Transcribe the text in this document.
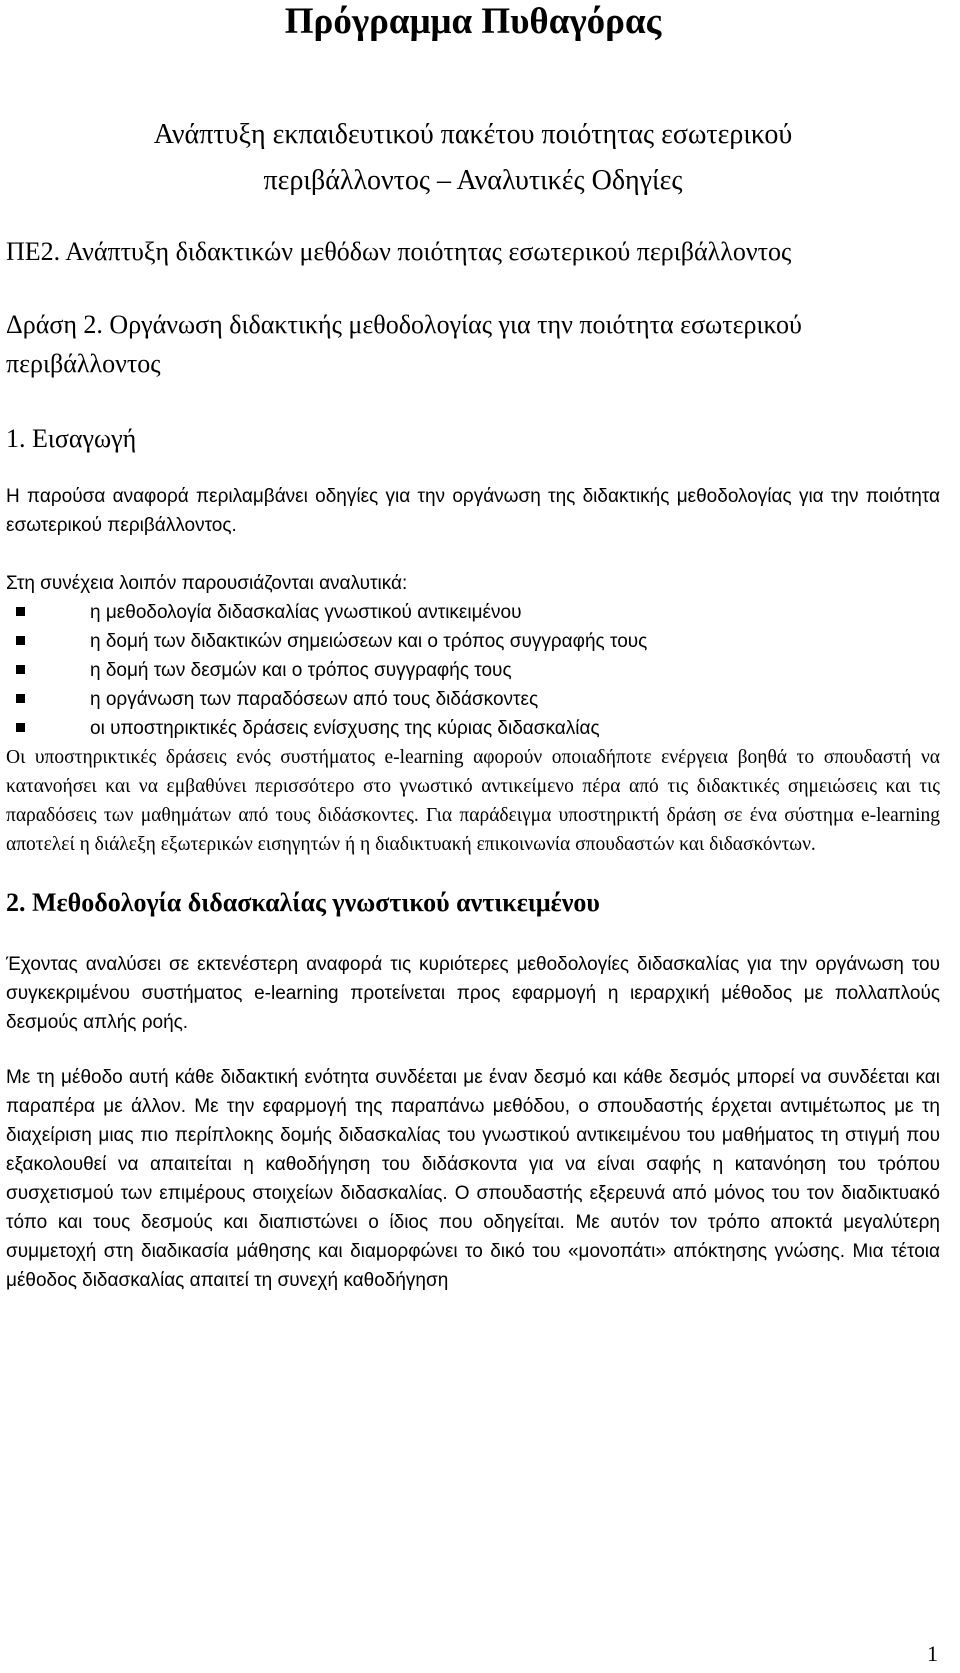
Πρόγραμμα Πυθαγόρας
Ανάπτυξη εκπαιδευτικού πακέτου ποιότητας εσωτερικού
περιβάλλοντος – Αναλυτικές Οδηγίες
ΠΕ2. Ανάπτυξη διδακτικών μεθόδων ποιότητας εσωτερικού περιβάλλοντος
Δράση 2. Οργάνωση διδακτικής μεθοδολογίας για την ποιότητα εσωτερικού περιβάλλοντος
1. Εισαγωγή

Η παρούσα αναφορά περιλαμβάνει οδηγίες για την οργάνωση της διδακτικής μεθοδολογίας για την ποιότητα εσωτερικού περιβάλλοντος.

Στη συνέχεια λοιπόν παρουσιάζονται αναλυτικά:

η μεθοδολογία διδασκαλίας γνωστικού αντικειμένου
η δομή των διδακτικών σημειώσεων και ο τρόπος συγγραφής τους
η δομή των δεσμών και ο τρόπος συγγραφής τους
η οργάνωση των παραδόσεων από τους διδάσκοντες
οι υποστηρικτικές δράσεις ενίσχυσης της κύριας διδασκαλίας

Οι υποστηρικτικές δράσεις ενός συστήματος e-learning αφορούν οποιαδήποτε ενέργεια βοηθά το σπουδαστή να κατανοήσει και να εμβαθύνει περισσότερο στο γνωστικό αντικείμενο πέρα από τις διδακτικές σημειώσεις και τις παραδόσεις των μαθημάτων από τους διδάσκοντες. Για παράδειγμα υποστηρικτή δράση σε ένα σύστημα e-learning αποτελεί η διάλεξη εξωτερικών εισηγητών ή η διαδικτυακή επικοινωνία σπουδαστών και διδασκόντων.

2. Μεθοδολογία διδασκαλίας γνωστικού αντικειμένου

Έχοντας αναλύσει σε εκτενέστερη αναφορά τις κυριότερες μεθοδολογίες διδασκαλίας για την οργάνωση του συγκεκριμένου συστήματος e-learning προτείνεται προς εφαρμογή η ιεραρχική μέθοδος με πολλαπλούς δεσμούς απλής ροής.

Με τη μέθοδο αυτή κάθε διδακτική ενότητα συνδέεται με έναν δεσμό και κάθε δεσμός μπορεί να συνδέεται και παραπέρα με άλλον. Με την εφαρμογή της παραπάνω μεθόδου, ο σπουδαστής έρχεται αντιμέτωπος με τη διαχείριση μιας πιο περίπλοκης δομής διδασκαλίας του γνωστικού αντικειμένου του μαθήματος τη στιγμή που εξακολουθεί να απαιτείται η καθοδήγηση του διδάσκοντα για να είναι σαφής η κατανόηση του τρόπου συσχετισμού των επιμέρους στοιχείων διδασκαλίας. Ο σπουδαστής εξερευνά από μόνος του τον διαδικτυακό τόπο και τους δεσμούς και διαπιστώνει ο ίδιος που οδηγείται. Με αυτόν τον τρόπο αποκτά μεγαλύτερη συμμετοχή στη διαδικασία μάθησης και διαμορφώνει το δικό του «μονοπάτι» απόκτησης γνώσης. Μια τέτοια μέθοδος διδασκαλίας απαιτεί τη συνεχή καθοδήγηση

1
